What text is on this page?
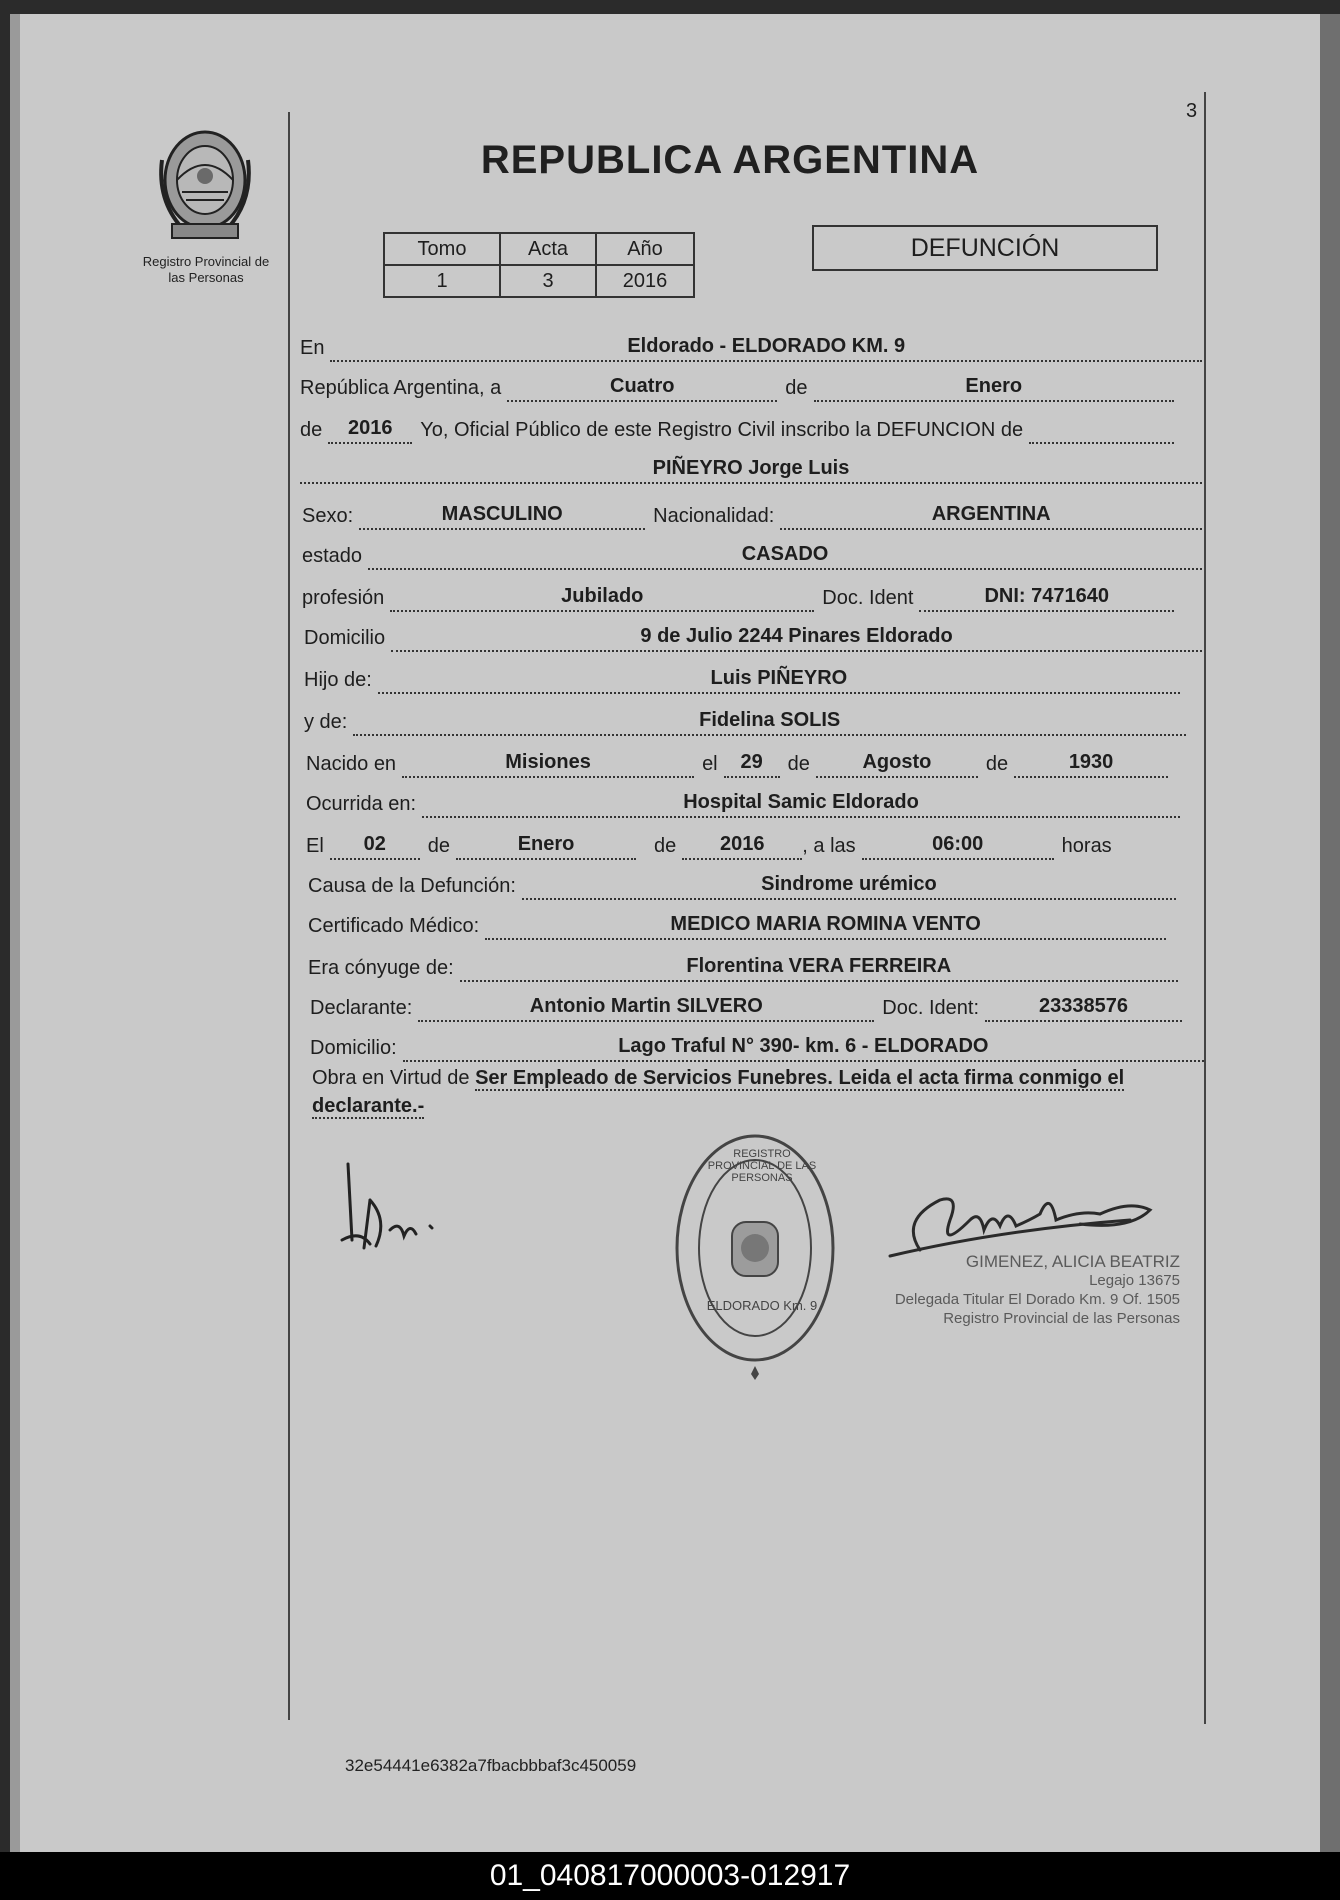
Registro Provincial de
las Personas
3
REPUBLICA ARGENTINA
Tomo	Acta	Año
1	3	2016
DEFUNCIÓN
En	Eldorado - ELDORADO KM. 9
República Argentina, a	Cuatro	de	Enero
de	2016	Yo, Oficial Público de este Registro Civil inscribo la DEFUNCION de
PIÑEYRO Jorge Luis
Sexo:	MASCULINO	Nacionalidad:	ARGENTINA
estado	CASADO
profesión	Jubilado	Doc. Ident	DNI: 7471640
Domicilio	9 de Julio 2244 Pinares Eldorado
Hijo de:	Luis PIÑEYRO
y de:	Fidelina SOLIS
Nacido en	Misiones	el	29	de	Agosto	de	1930
Ocurrida en:	Hospital Samic Eldorado
El	02	de	Enero	de	2016	, a las	06:00	horas
Causa de la Defunción:	Sindrome urémico
Certificado Médico:	MEDICO MARIA ROMINA VENTO
Era cónyuge de:	Florentina VERA FERREIRA
Declarante:	Antonio Martin SILVERO	Doc. Ident:	23338576
Domicilio:	Lago Traful N° 390- km. 6 - ELDORADO
Obra en Virtud de Ser Empleado de Servicios Funebres. Leida el acta firma conmigo el declarante.-
REGISTRO PROVINCIAL DE LAS PERSONAS
ELDORADO Km. 9
GIMENEZ, ALICIA BEATRIZ
Legajo 13675
Delegada Titular El Dorado Km. 9 Of. 1505
Registro Provincial de las Personas
32e54441e6382a7fbacbbbaf3c450059
01_040817000003-012917
